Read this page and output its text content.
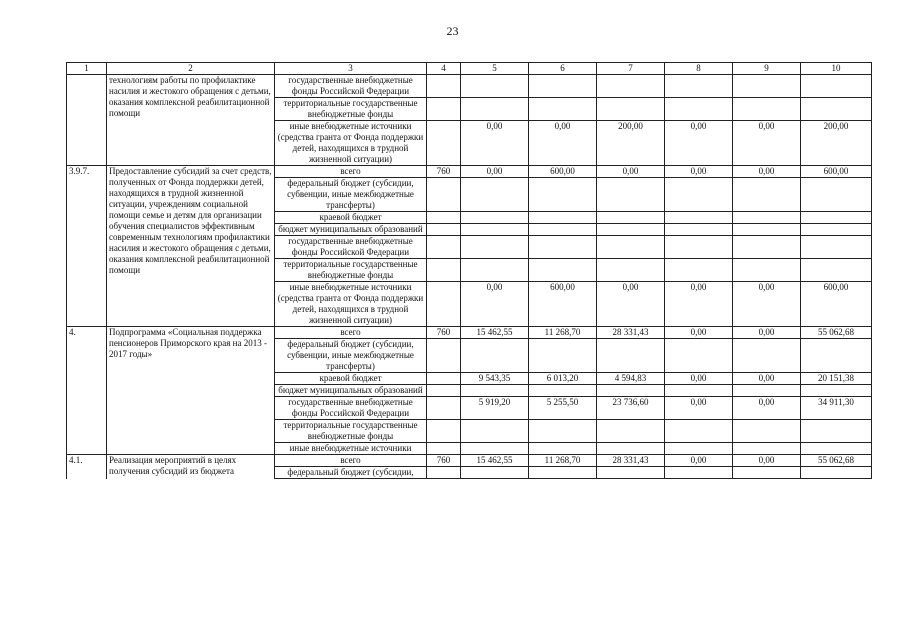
23
1	2	3	4	5	6	7	8	9	10
	технологиям работы по профилактике насилия и жестокого обращения с детьми, оказания комплексной реабилитационной помощи	государственные внебюджетные фонды Российской Федерации							
		территориальные государственные внебюджетные фонды							
		иные внебюджетные источники (средства гранта от Фонда поддержки детей, находящихся в трудной жизненной ситуации)		0,00	0,00	200,00	0,00	0,00	200,00
3.9.7.	Предоставление субсидий за счет средств, полученных от Фонда поддержки детей, находящихся в трудной жизненной ситуации, учреждениям социальной помощи семье и детям для организации обучения специалистов эффективным современным технологиям профилактики насилия и жестокого обращения с детьми, оказания комплексной реабилитационной помощи	всего	760	0,00	600,00	0,00	0,00	0,00	600,00
		федеральный бюджет (субсидии, субвенции, иные межбюджетные трансферты)							
		краевой бюджет							
		бюджет муниципальных образований							
		государственные внебюджетные фонды Российской Федерации							
		территориальные государственные внебюджетные фонды							
		иные внебюджетные источники (средства гранта от Фонда поддержки детей, находящихся в трудной жизненной ситуации)		0,00	600,00	0,00	0,00	0,00	600,00
4.	Подпрограмма «Социальная поддержка пенсионеров Приморского края на 2013 - 2017 годы»	всего	760	15 462,55	11 268,70	28 331,43	0,00	0,00	55 062,68
		федеральный бюджет (субсидии, субвенции, иные межбюджетные трансферты)							
		краевой бюджет		9 543,35	6 013,20	4 594,83	0,00	0,00	20 151,38
		бюджет муниципальных образований							
		государственные внебюджетные фонды Российской Федерации		5 919,20	5 255,50	23 736,60	0,00	0,00	34 911,30
		территориальные государственные внебюджетные фонды							
		иные внебюджетные источники							
4.1.	Реализация мероприятий в целях получения субсидий из бюджета	всего	760	15 462,55	11 268,70	28 331,43	0,00	0,00	55 062,68
		федеральный бюджет (субсидии,							
